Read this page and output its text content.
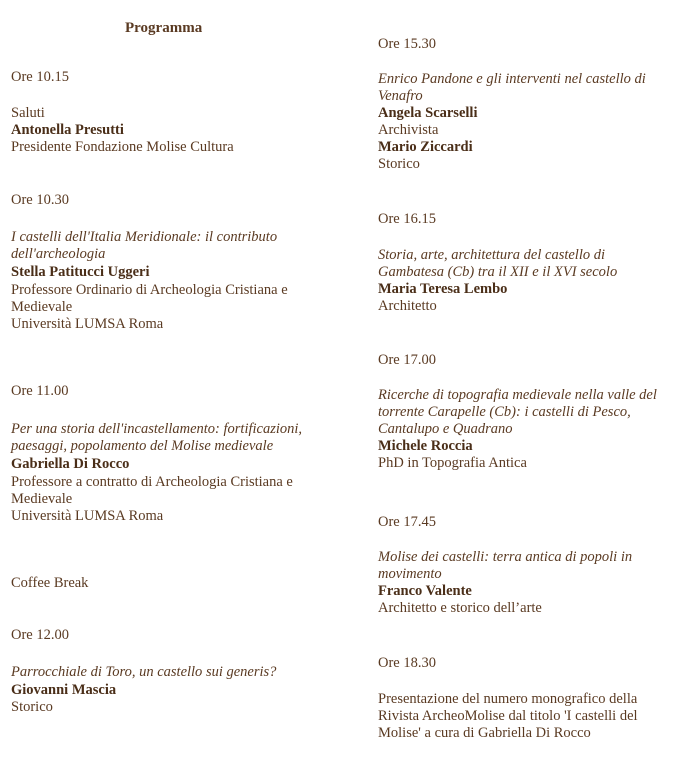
Programma
Ore 10.15
Saluti
Antonella Presutti
Presidente Fondazione Molise Cultura
Ore 10.30
I castelli dell'Italia Meridionale: il contributo
dell'archeologia
Stella Patitucci Uggeri
Professore Ordinario di Archeologia Cristiana e
Medievale
Università LUMSA Roma
Ore 11.00
Per una storia dell'incastellamento: fortificazioni,
paesaggi, popolamento del Molise medievale
Gabriella Di Rocco
Professore a contratto di Archeologia Cristiana e
Medievale
Università LUMSA Roma
Coffee Break
Ore 12.00
Parrocchiale di Toro, un castello sui generis?
Giovanni Mascia
Storico
Ore 15.30
Enrico Pandone e gli interventi nel castello di
Venafro
Angela Scarselli
Archivista
Mario Ziccardi
Storico
Ore 16.15
Storia, arte, architettura del castello di
Gambatesa (Cb) tra il XII e il XVI secolo
Maria Teresa Lembo
Architetto
Ore 17.00
Ricerche di topografia medievale nella valle del
torrente Carapelle (Cb): i castelli di Pesco,
Cantalupo e Quadrano
Michele Roccia
PhD in Topografia Antica
Ore 17.45
Molise dei castelli: terra antica di popoli in
movimento
Franco Valente
Architetto e storico dell’arte
Ore 18.30
Presentazione del numero monografico della
Rivista ArcheoMolise dal titolo 'I castelli del
Molise' a cura di Gabriella Di Rocco
